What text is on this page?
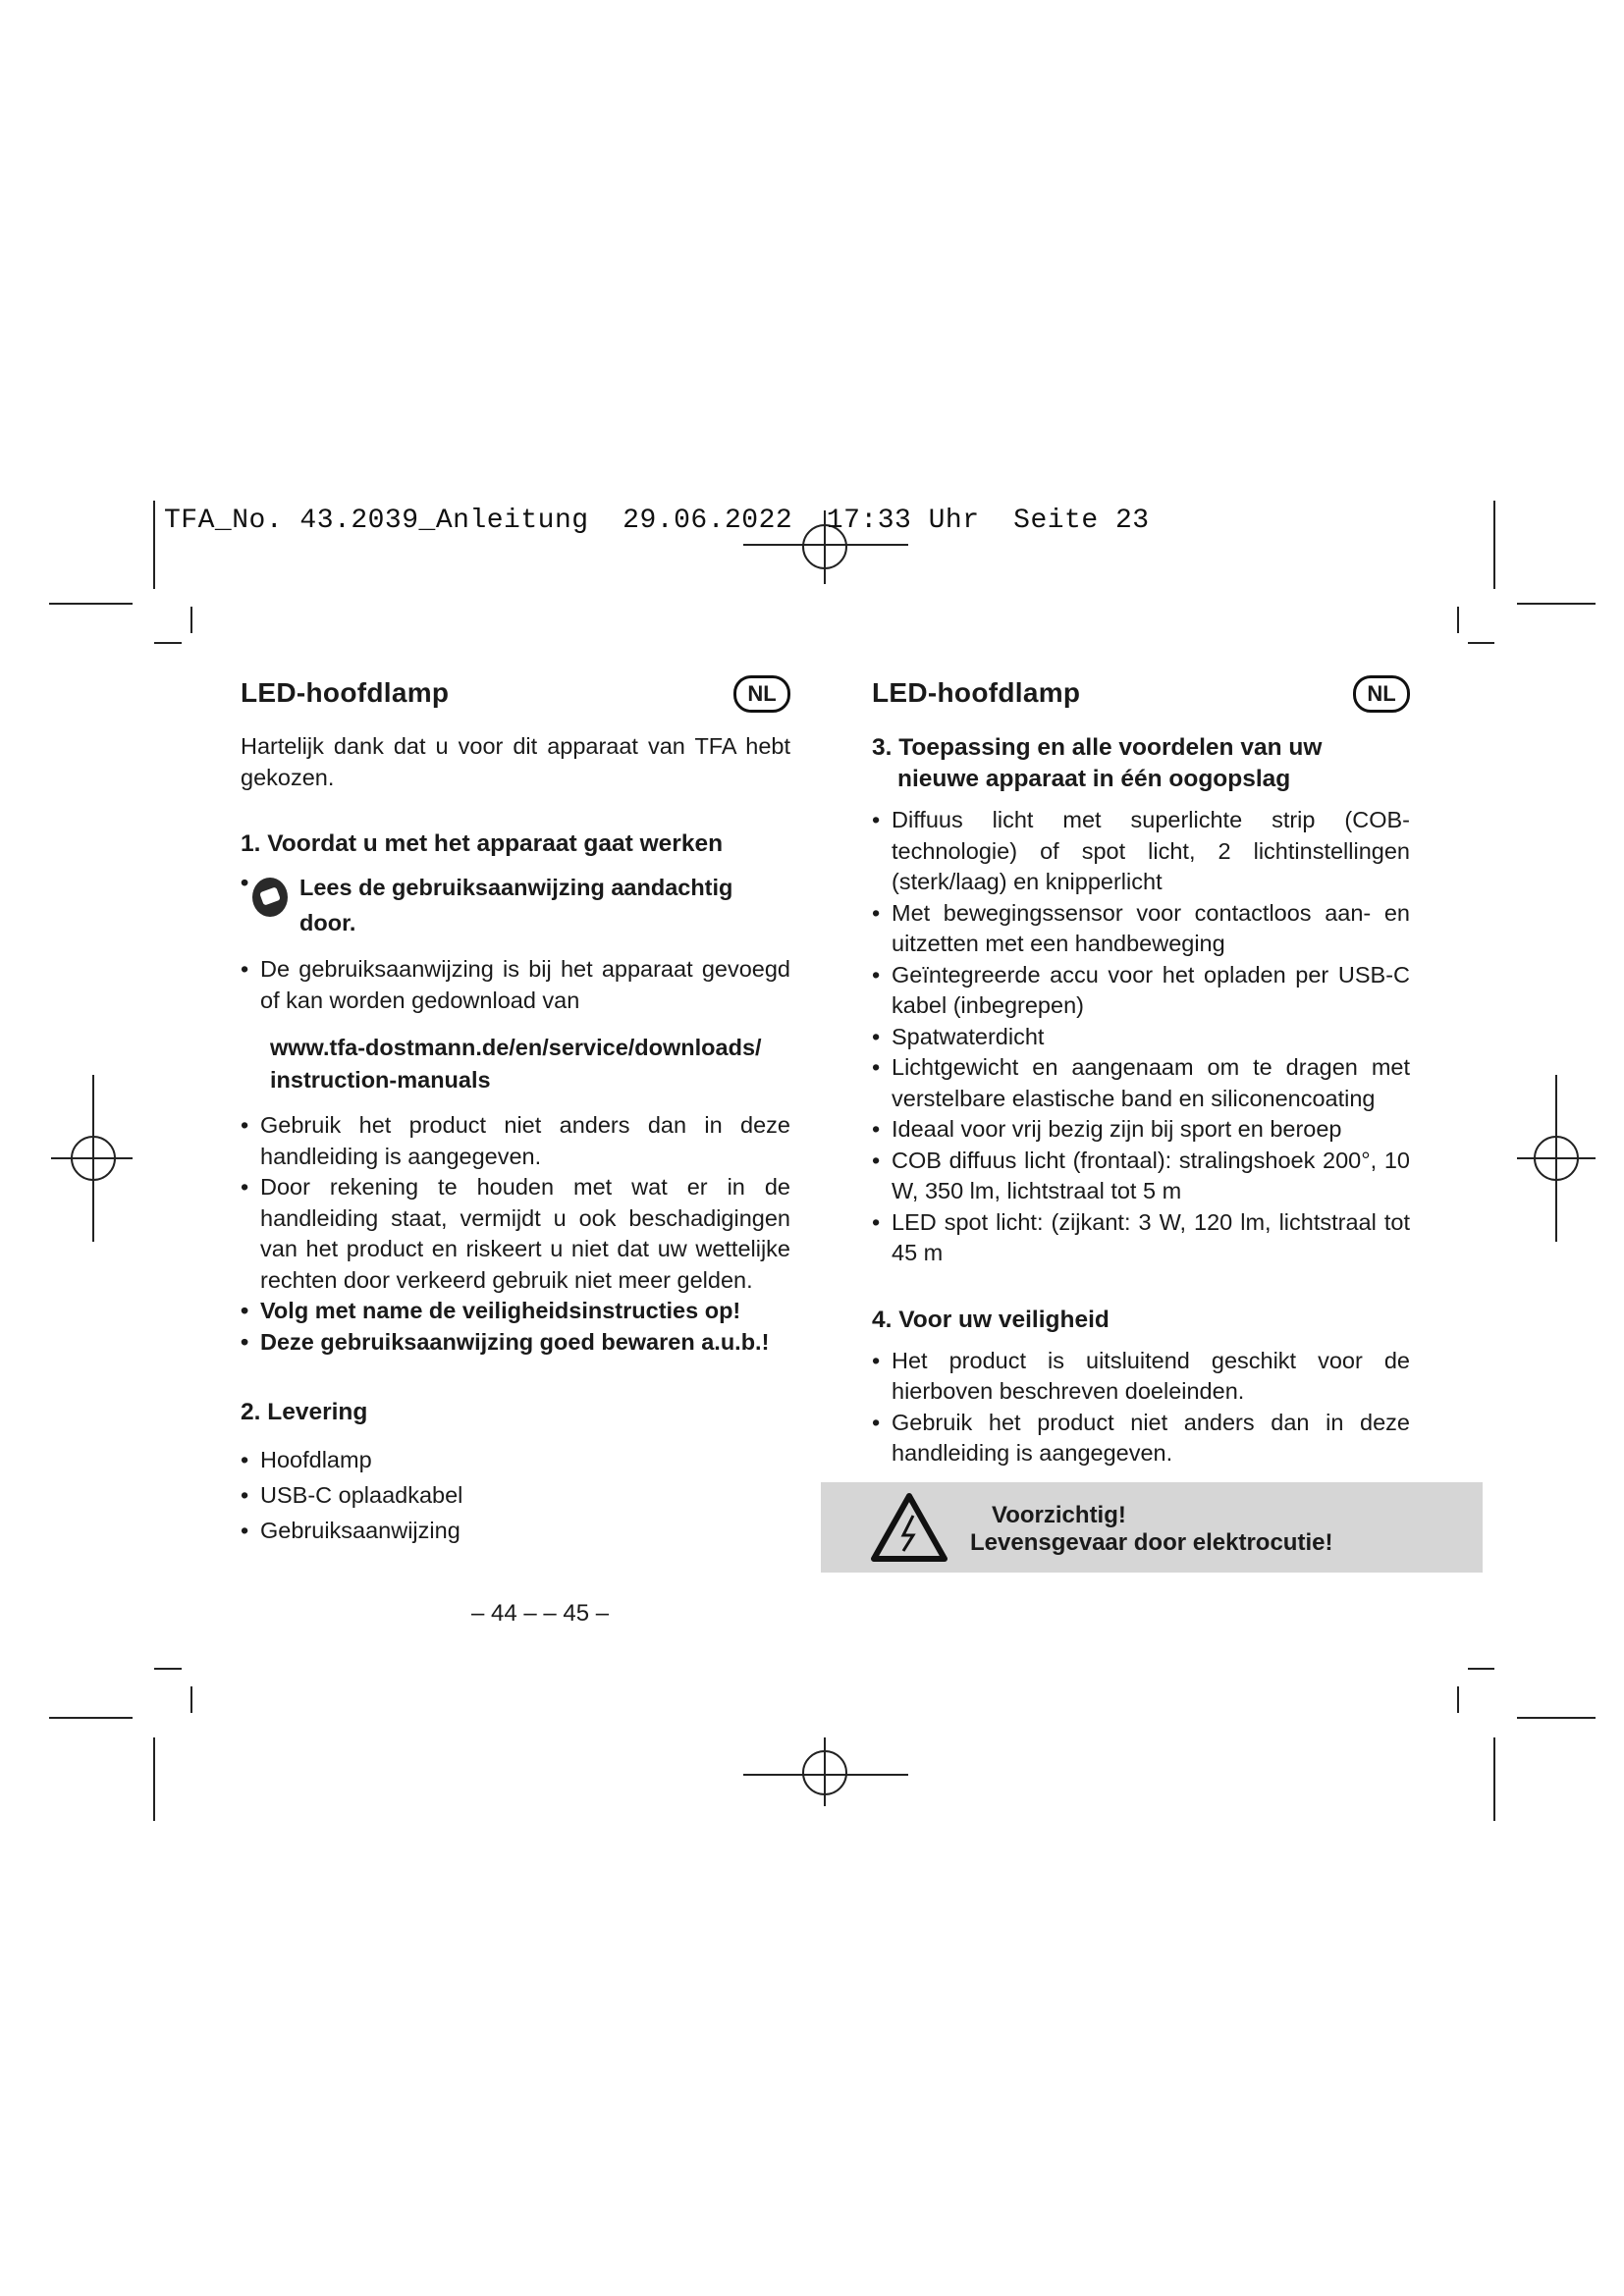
TFA_No. 43.2039_Anleitung  29.06.2022  17:33 Uhr  Seite 23
LED-hoofdlamp	NL

Hartelijk dank dat u voor dit apparaat van TFA hebt gekozen.

1. Voordat u met het apparaat gaat werken
•	Lees de gebruiksaanwijzing aandachtig door.

• De gebruiksaanwijzing is bij het apparaat gevoegd of kan worden gedownload van
www.tfa-dostmann.de/en/service/downloads/ instruction-manuals
• Gebruik het product niet anders dan in deze handleiding is aangegeven.
• Door rekening te houden met wat er in de handleiding staat, vermijdt u ook beschadigingen van het product en riskeert u niet dat uw wettelijke rechten door verkeerd gebruik niet meer gelden.
• Volg met name de veiligheidsinstructies op!
• Deze gebruiksaanwijzing goed bewaren a.u.b.!
2. Levering
• Hoofdlamp
• USB-C oplaadkabel
• Gebruiksaanwijzing
LED-hoofdlamp	NL
3. Toepassing en alle voordelen van uw nieuwe apparaat in één oogopslag
• Diffuus licht met superlichte strip (COB-technologie) of spot licht, 2 lichtinstellingen (sterk/laag) en knipperlicht
• Met bewegingssensor voor contactloos aan- en uitzetten met een handbeweging
• Geïntegreerde accu voor het opladen per USB-C kabel (inbegrepen)
• Spatwaterdicht
• Lichtgewicht en aangenaam om te dragen met verstelbare elastische band en siliconencoating
• Ideaal voor vrij bezig zijn bij sport en beroep
• COB diffuus licht (frontaal): stralingshoek 200°, 10 W, 350 lm, lichtstraal tot 5 m
• LED spot licht: (zijkant: 3 W, 120 lm, lichtstraal tot 45 m
4. Voor uw veiligheid
• Het product is uitsluitend geschikt voor de hierboven beschreven doeleinden.
• Gebruik het product niet anders dan in deze handleiding is aangegeven.
Voorzichtig!
Levensgevaar door elektrocutie!
– 44 – – 45 –
